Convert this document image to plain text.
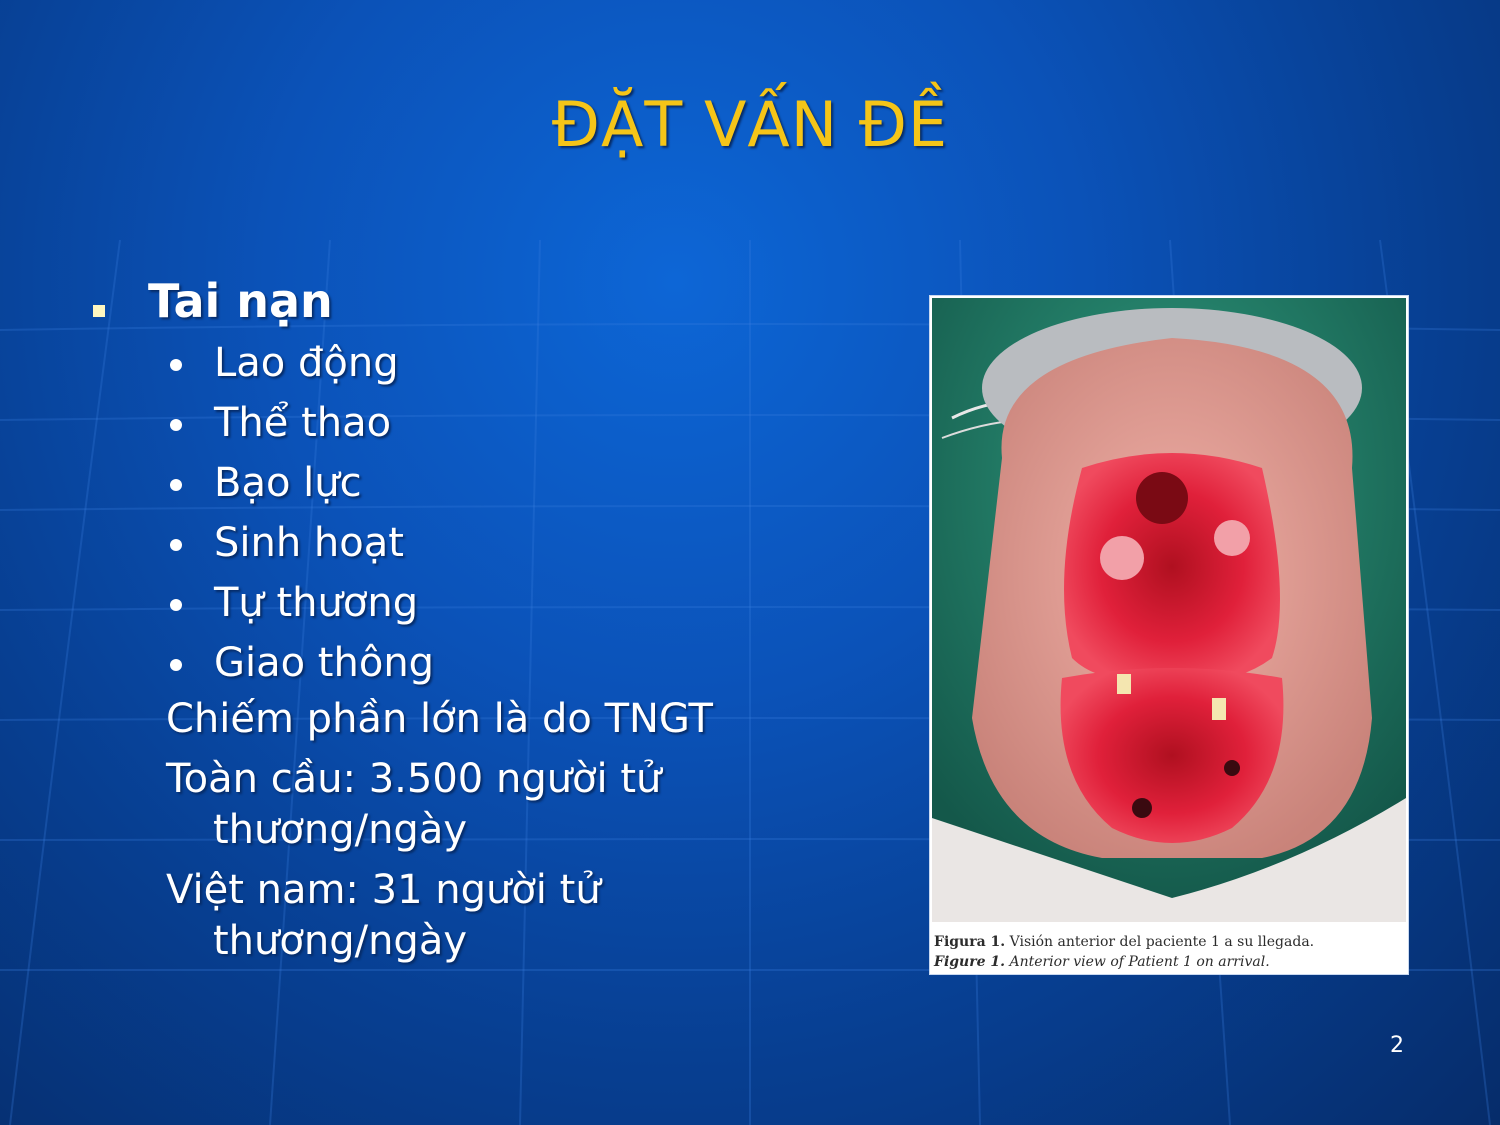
ĐẶT VẤN ĐỀ
Tai nạn
Lao động
Thể thao
Bạo lực
Sinh hoạt
Tự thương
Giao thông
Chiếm phần lớn là do TNGT
Toàn cầu: 3.500 người tử
thương/ngày
Việt nam: 31 người tử
thương/ngày	Figura 1. Visión anterior del paciente 1 a su llegada.
Figure 1. Anterior view of Patient 1 on arrival.
2
